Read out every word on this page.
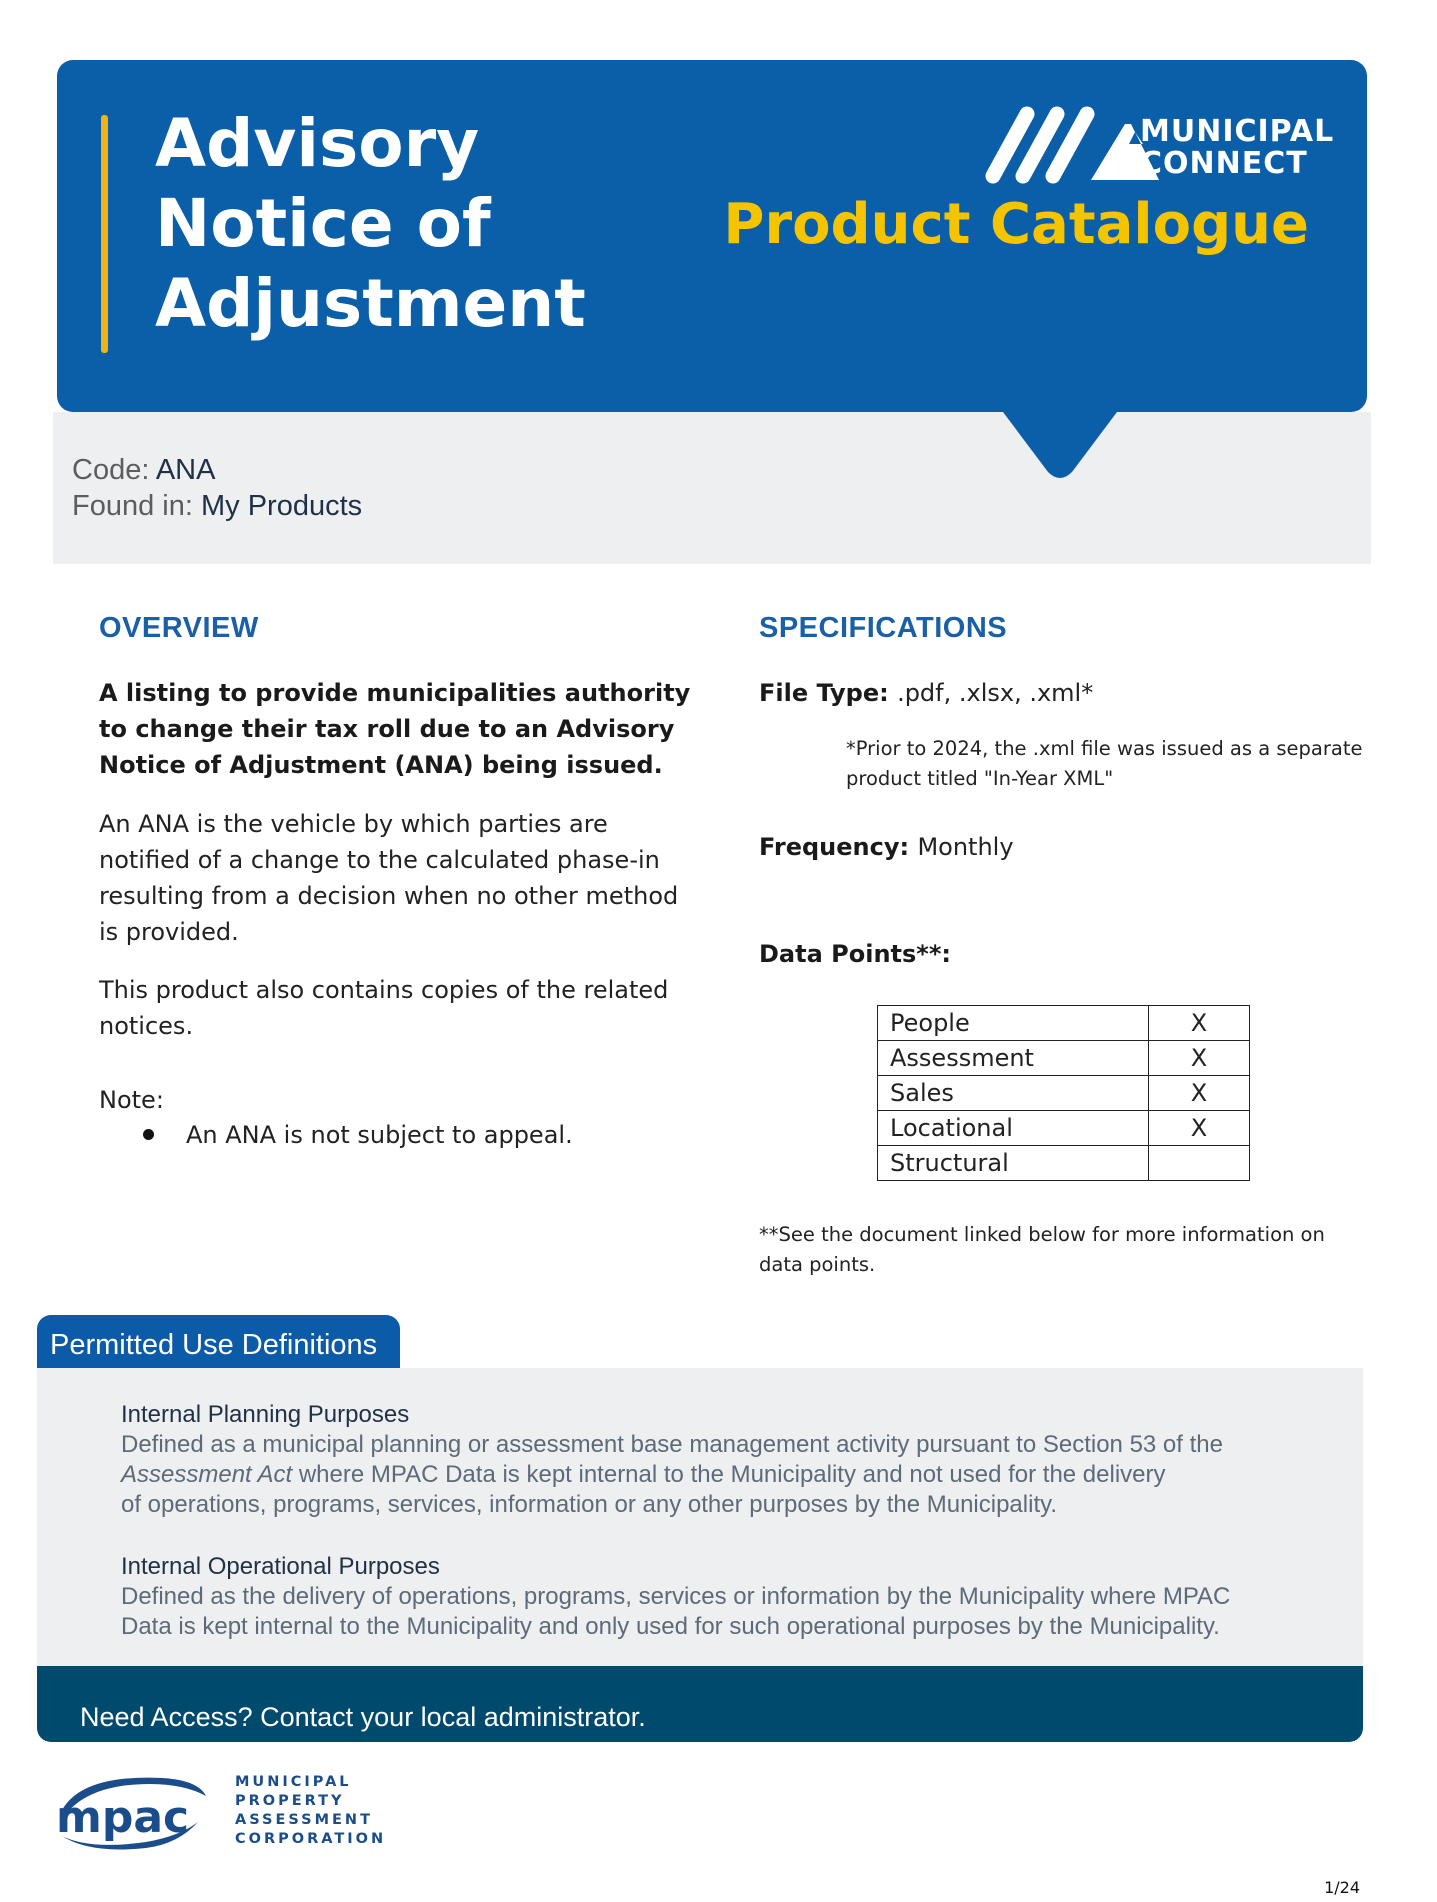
Advisory
Notice of
Adjustment
MUNICIPAL
CONNECT
Product Catalogue
Code: ANA
Found in: My Products
OVERVIEW

A listing to provide municipalities authority to change their tax roll due to an Advisory Notice of Adjustment (ANA) being issued.

An ANA is the vehicle by which parties are notified of a change to the calculated phase-in resulting from a decision when no other method is provided.

This product also contains copies of the related notices.

Note:

An ANA is not subject to appeal.

SPECIFICATIONS

File Type: .pdf, .xlsx, .xml*

*Prior to 2024, the .xml file was issued as a separate product titled "In-Year XML"

Frequency: Monthly

Data Points**:

People	X
Assessment	X
Sales	X
Locational	X
Structural	

**See the document linked below for more information on data points.

Permitted Use Definitions

Internal Planning Purposes

Defined as a municipal planning or assessment base management activity pursuant to Section 53 of the

Assessment Act where MPAC Data is kept internal to the Municipality and not used for the delivery

of operations, programs, services, information or any other purposes by the Municipality.

Internal Operational Purposes

Defined as the delivery of operations, programs, services or information by the Municipality where MPAC

Data is kept internal to the Municipality and only used for such operational purposes by the Municipality.

Need Access? Contact your local administrator.
mpac

MUNICIPAL
PROPERTY
ASSESSMENT
CORPORATION

1/24
